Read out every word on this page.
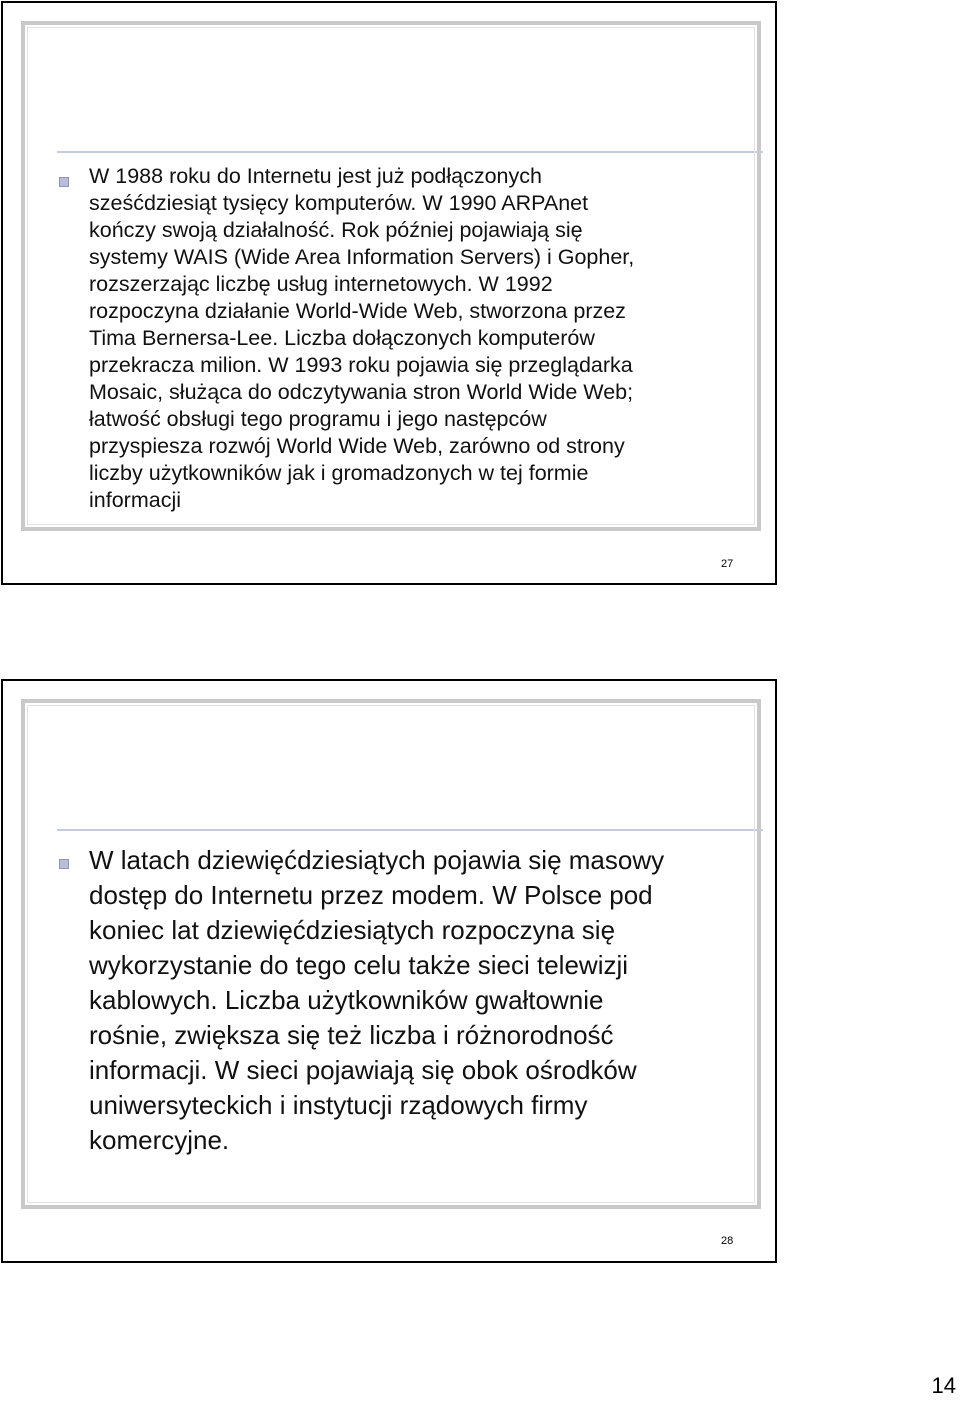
W 1988 roku do Internetu jest już podłączonych
sześćdziesiąt tysięcy komputerów. W 1990 ARPAnet
kończy swoją działalność. Rok później pojawiają się
systemy WAIS (Wide Area Information Servers) i Gopher,
rozszerzając liczbę usług internetowych. W 1992
rozpoczyna działanie World-Wide Web, stworzona przez
Tima Bernersa-Lee. Liczba dołączonych komputerów
przekracza milion. W 1993 roku pojawia się przeglądarka
Mosaic, służąca do odczytywania stron World Wide Web;
łatwość obsługi tego programu i jego następców
przyspiesza rozwój World Wide Web, zarówno od strony
liczby użytkowników jak i gromadzonych w tej formie
informacji

27

W latach dziewięćdziesiątych pojawia się masowy
dostęp do Internetu przez modem. W Polsce pod
koniec lat dziewięćdziesiątych rozpoczyna się
wykorzystanie do tego celu także sieci telewizji
kablowych. Liczba użytkowników gwałtownie
rośnie, zwiększa się też liczba i różnorodność
informacji. W sieci pojawiają się obok ośrodków
uniwersyteckich i instytucji rządowych firmy
komercyjne.

28
14
